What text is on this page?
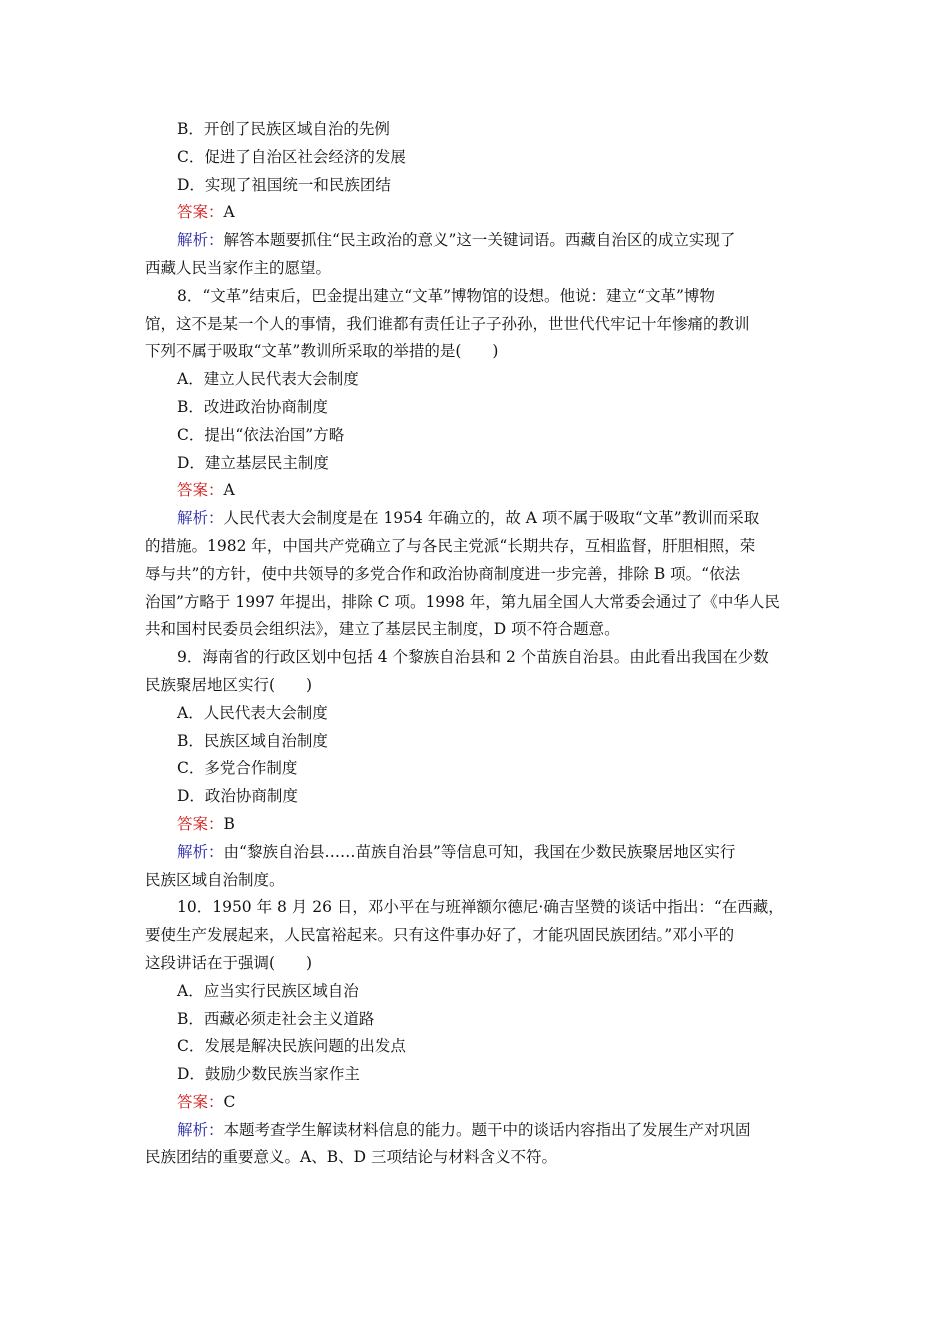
B．开创了民族区域自治的先例
C．促进了自治区社会经济的发展
D．实现了祖国统一和民族团结
答案：A
解析：解答本题要抓住“民主政治的意义”这一关键词语。西藏自治区的成立实现了
西藏人民当家作主的愿望。
8．“文革”结束后，巴金提出建立“文革”博物馆的设想。他说：建立“文革”博物
馆，这不是某一个人的事情，我们谁都有责任让子子孙孙，世世代代牢记十年惨痛的教训
下列不属于吸取“文革”教训所采取的举措的是(　　)
A．建立人民代表大会制度
B．改进政治协商制度
C．提出“依法治国”方略
D．建立基层民主制度
答案：A
解析：人民代表大会制度是在 1954 年确立的，故 A 项不属于吸取“文革”教训而采取
的措施。1982 年，中国共产党确立了与各民主党派“长期共存，互相监督，肝胆相照，荣
辱与共”的方针，使中共领导的多党合作和政治协商制度进一步完善，排除 B 项。“依法
治国”方略于 1997 年提出，排除 C 项。1998 年，第九届全国人大常委会通过了《中华人民
共和国村民委员会组织法》，建立了基层民主制度，D 项不符合题意。
9．海南省的行政区划中包括 4 个黎族自治县和 2 个苗族自治县。由此看出我国在少数
民族聚居地区实行(　　)
A．人民代表大会制度
B．民族区域自治制度
C．多党合作制度
D．政治协商制度
答案：B
解析：由“黎族自治县……苗族自治县”等信息可知，我国在少数民族聚居地区实行
民族区域自治制度。
10．1950 年 8 月 26 日，邓小平在与班禅额尔德尼·确吉坚赞的谈话中指出：“在西藏，
要使生产发展起来，人民富裕起来。只有这件事办好了，才能巩固民族团结。”邓小平的
这段讲话在于强调(　　)
A．应当实行民族区域自治
B．西藏必须走社会主义道路
C．发展是解决民族问题的出发点
D．鼓励少数民族当家作主
答案：C
解析：本题考查学生解读材料信息的能力。题干中的谈话内容指出了发展生产对巩固
民族团结的重要意义。A、B、D 三项结论与材料含义不符。
